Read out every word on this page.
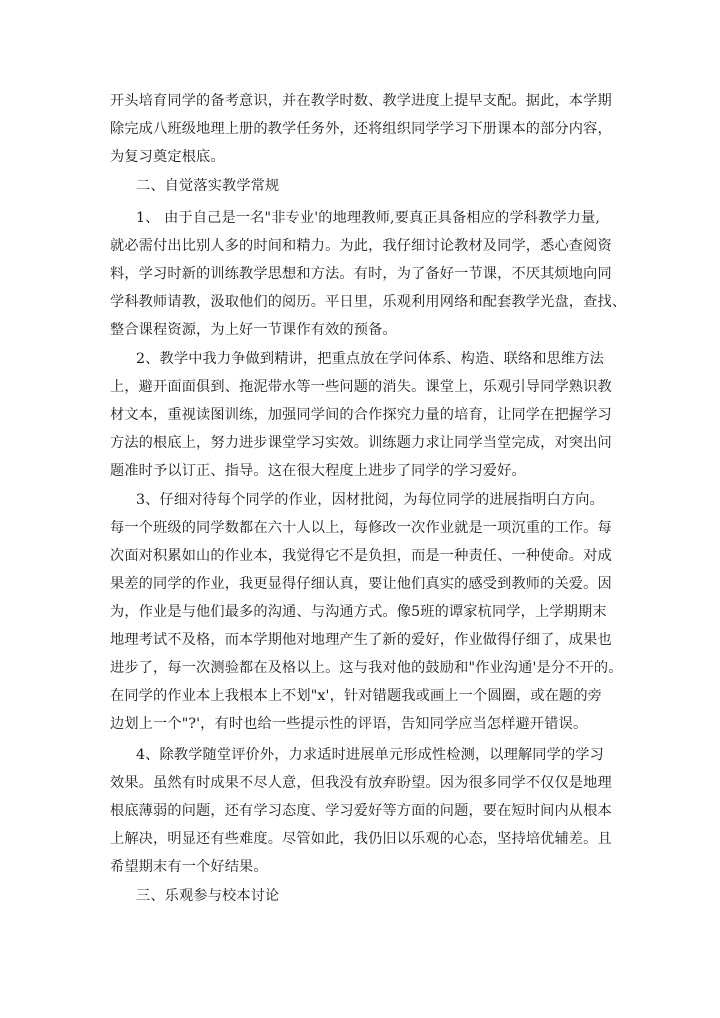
开头培育同学的备考意识，并在教学时数、教学进度上提早支配。据此，本学期
除完成八班级地理上册的教学任务外，还将组织同学学习下册课本的部分内容，
为复习奠定根底。
二、自觉落实教学常规
1、 由于自己是一名"非专业'的地理教师,要真正具备相应的学科教学力量,
就必需付出比别人多的时间和精力。为此，我仔细讨论教材及同学，悉心查阅资
料，学习时新的训练教学思想和方法。有时，为了备好一节课，不厌其烦地向同
学科教师请教，汲取他们的阅历。平日里，乐观利用网络和配套教学光盘，查找、
整合课程资源，为上好一节课作有效的预备。
2、教学中我力争做到精讲，把重点放在学问体系、构造、联络和思维方法
上，避开面面俱到、拖泥带水等一些问题的消失。课堂上，乐观引导同学熟识教
材文本，重视读图训练，加强同学间的合作探究力量的培育，让同学在把握学习
方法的根底上，努力进步课堂学习实效。训练题力求让同学当堂完成，对突出问
题准时予以订正、指导。这在很大程度上进步了同学的学习爱好。
3、仔细对待每个同学的作业，因材批阅，为每位同学的进展指明白方向。
每一个班级的同学数都在六十人以上，每修改一次作业就是一项沉重的工作。每
次面对积累如山的作业本，我觉得它不是负担，而是一种责任、一种使命。对成
果差的同学的作业，我更显得仔细认真，要让他们真实的感受到教师的关爱。因
为，作业是与他们最多的沟通、与沟通方式。像5班的谭家杭同学，上学期期末
地理考试不及格，而本学期他对地理产生了新的爱好，作业做得仔细了，成果也
进步了，每一次测验都在及格以上。这与我对他的鼓励和"作业沟通'是分不开的。
在同学的作业本上我根本上不划"x'，针对错题我或画上一个圆圈，或在题的旁
边划上一个"?'，有时也给一些提示性的评语，告知同学应当怎样避开错误。
4、除教学随堂评价外，力求适时进展单元形成性检测，以理解同学的学习
效果。虽然有时成果不尽人意，但我没有放弃盼望。因为很多同学不仅仅是地理
根底薄弱的问题，还有学习态度、学习爱好等方面的问题，要在短时间内从根本
上解决，明显还有些难度。尽管如此，我仍旧以乐观的心态，坚持培优辅差。且
希望期末有一个好结果。
三、乐观参与校本讨论
